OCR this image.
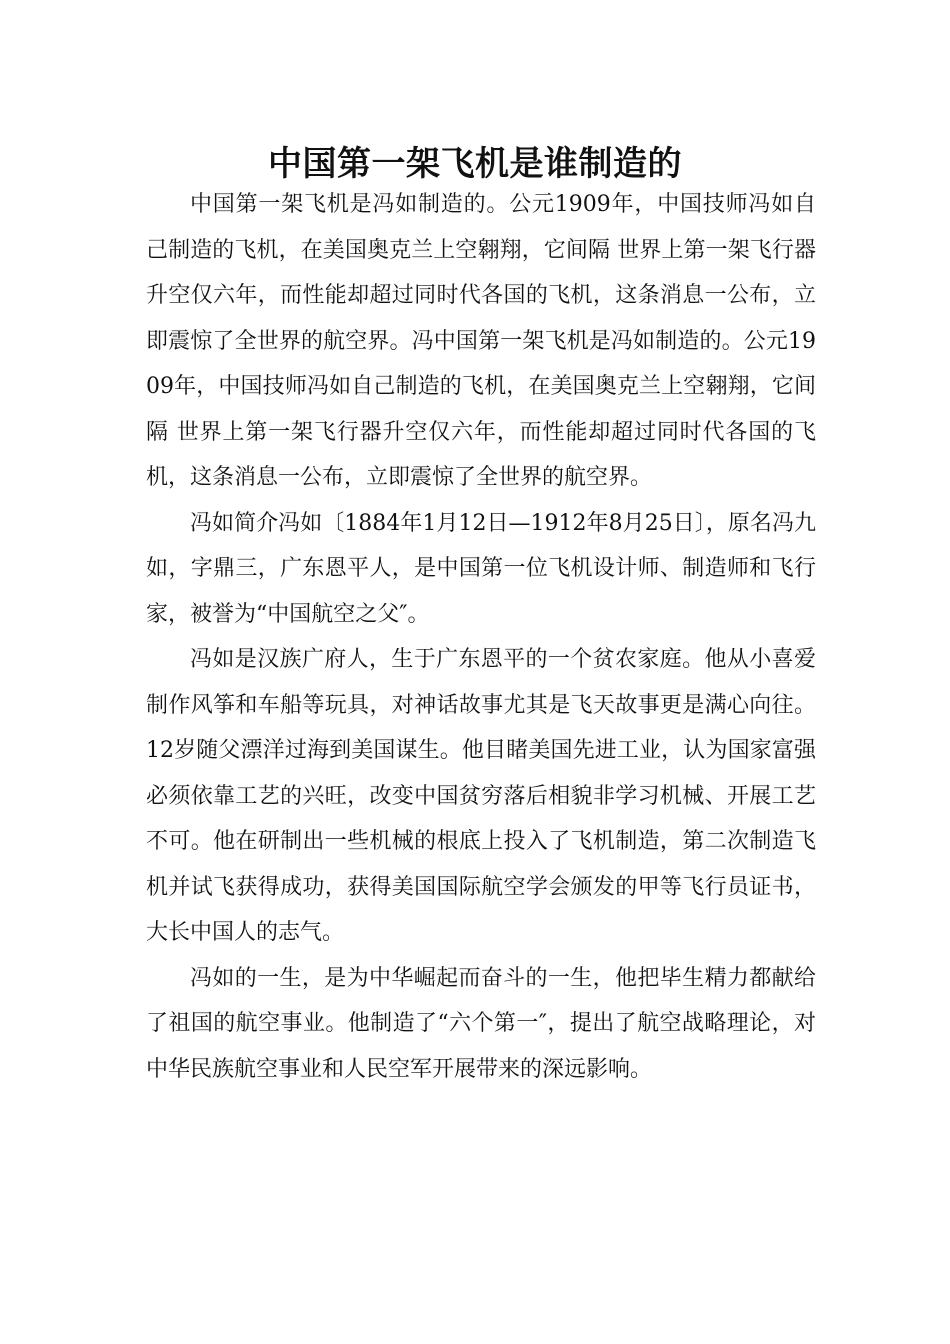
中国第一架飞机是谁制造的

中国第一架飞机是冯如制造的。公元1909年，中国技师冯如自己制造的飞机，在美国奥克兰上空翱翔，它间隔 世界上第一架飞行器升空仅六年，而性能却超过同时代各国的飞机，这条消息一公布，立即震惊了全世界的航空界。冯中国第一架飞机是冯如制造的。公元1909年，中国技师冯如自己制造的飞机，在美国奥克兰上空翱翔，它间隔 世界上第一架飞行器升空仅六年，而性能却超过同时代各国的飞机，这条消息一公布，立即震惊了全世界的航空界。

冯如简介冯如〔1884年1月12日—1912年8月25日〕，原名冯九如，字鼎三，广东恩平人，是中国第一位飞机设计师、制造师和飞行家，被誉为“中国航空之父″。

冯如是汉族广府人，生于广东恩平的一个贫农家庭。他从小喜爱制作风筝和车船等玩具，对神话故事尤其是飞天故事更是满心向往。12岁随父漂洋过海到美国谋生。他目睹美国先进工业，认为国家富强必须依靠工艺的兴旺，改变中国贫穷落后相貌非学习机械、开展工艺不可。他在研制出一些机械的根底上投入了飞机制造，第二次制造飞机并试飞获得成功，获得美国国际航空学会颁发的甲等飞行员证书，大长中国人的志气。

冯如的一生，是为中华崛起而奋斗的一生，他把毕生精力都献给了祖国的航空事业。他制造了“六个第一″，提出了航空战略理论，对中华民族航空事业和人民空军开展带来的深远影响。
